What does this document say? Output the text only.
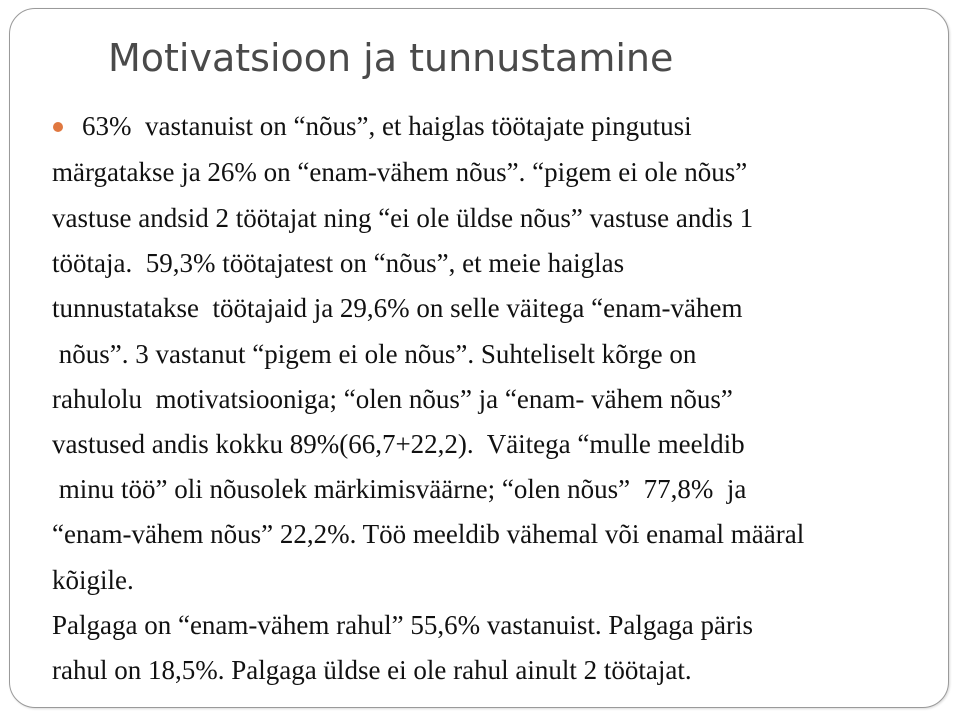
Motivatsioon ja tunnustamine

63%  vastanuist on “nõus”, et haiglas töötajate pingutusi

märgatakse ja 26% on “enam-vähem nõus”. “pigem ei ole nõus”

vastuse andsid 2 töötajat ning “ei ole üldse nõus” vastuse andis 1

töötaja.  59,3% töötajatest on “nõus”, et meie haiglas

tunnustatakse  töötajaid ja 29,6% on selle väitega “enam-vähem

nõus”. 3 vastanut “pigem ei ole nõus”. Suhteliselt kõrge on

rahulolu  motivatsiooniga; “olen nõus” ja “enam- vähem nõus”

vastused andis kokku 89%(66,7+22,2).  Väitega “mulle meeldib

minu töö” oli nõusolek märkimisväärne; “olen nõus”  77,8%  ja

“enam-vähem nõus” 22,2%. Töö meeldib vähemal või enamal määral

kõigile.

Palgaga on “enam-vähem rahul” 55,6% vastanuist. Palgaga päris

rahul on 18,5%. Palgaga üldse ei ole rahul ainult 2 töötajat.
